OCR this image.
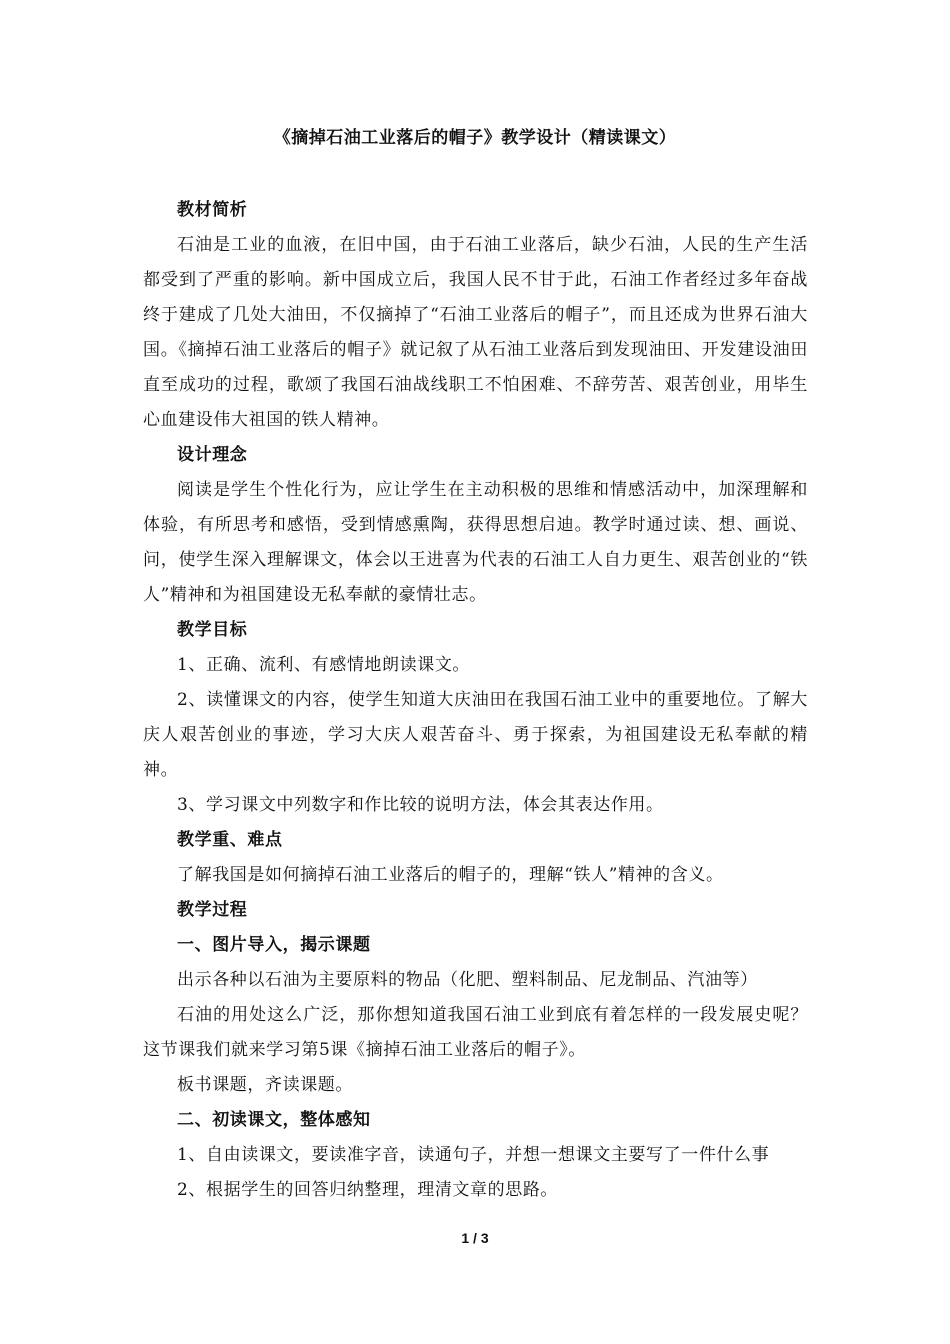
《摘掉石油工业落后的帽子》教学设计（精读课文）

教材简析

石油是工业的血液，在旧中国，由于石油工业落后，缺少石油，人民的生产生活都受到了严重的影响。新中国成立后，我国人民不甘于此，石油工作者经过多年奋战终于建成了几处大油田，不仅摘掉了“石油工业落后的帽子”，而且还成为世界石油大国。《摘掉石油工业落后的帽子》就记叙了从石油工业落后到发现油田、开发建设油田直至成功的过程，歌颂了我国石油战线职工不怕困难、不辞劳苦、艰苦创业，用毕生心血建设伟大祖国的铁人精神。

设计理念

阅读是学生个性化行为，应让学生在主动积极的思维和情感活动中，加深理解和体验，有所思考和感悟，受到情感熏陶，获得思想启迪。教学时通过读、想、画说、问，使学生深入理解课文，体会以王进喜为代表的石油工人自力更生、艰苦创业的“铁人”精神和为祖国建设无私奉献的豪情壮志。

教学目标

1、正确、流利、有感情地朗读课文。

2、读懂课文的内容，使学生知道大庆油田在我国石油工业中的重要地位。了解大庆人艰苦创业的事迹，学习大庆人艰苦奋斗、勇于探索，为祖国建设无私奉献的精神。

3、学习课文中列数字和作比较的说明方法，体会其表达作用。

教学重、难点

了解我国是如何摘掉石油工业落后的帽子的，理解“铁人”精神的含义。

教学过程

一、图片导入，揭示课题

出示各种以石油为主要原料的物品（化肥、塑料制品、尼龙制品、汽油等）

石油的用处这么广泛，那你想知道我国石油工业到底有着怎样的一段发展史呢？这节课我们就来学习第5课《摘掉石油工业落后的帽子》。

板书课题，齐读课题。

二、初读课文，整体感知

1、自由读课文，要读准字音，读通句子，并想一想课文主要写了一件什么事

2、根据学生的回答归纳整理，理清文章的思路。

1 / 3
